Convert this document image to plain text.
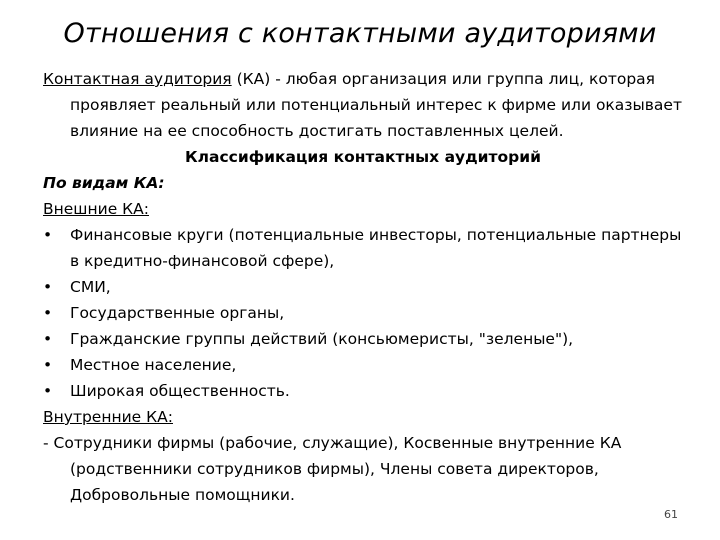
Отношения с контактными аудиториями
Контактная аудитория (КА) - любая организация или группа лиц, которая проявляет реальный или потенциальный интерес к фирме или оказывает влияние на ее способность достигать поставленных целей.
Классификация контактных аудиторий
По видам КА:
Внешние КА:
•	Финансовые круги (потенциальные инвесторы, потенциальные партнеры в кредитно-финансовой сфере),
•	СМИ,
•	Государственные органы,
•	Гражданские группы действий (консьюмеристы, "зеленые"),
•	Местное население,
•	Широкая общественность.
Внутренние КА:
- Сотрудники фирмы (рабочие, служащие), Косвенные внутренние КА (родственники сотрудников фирмы), Члены совета директоров, Добровольные помощники.
61
